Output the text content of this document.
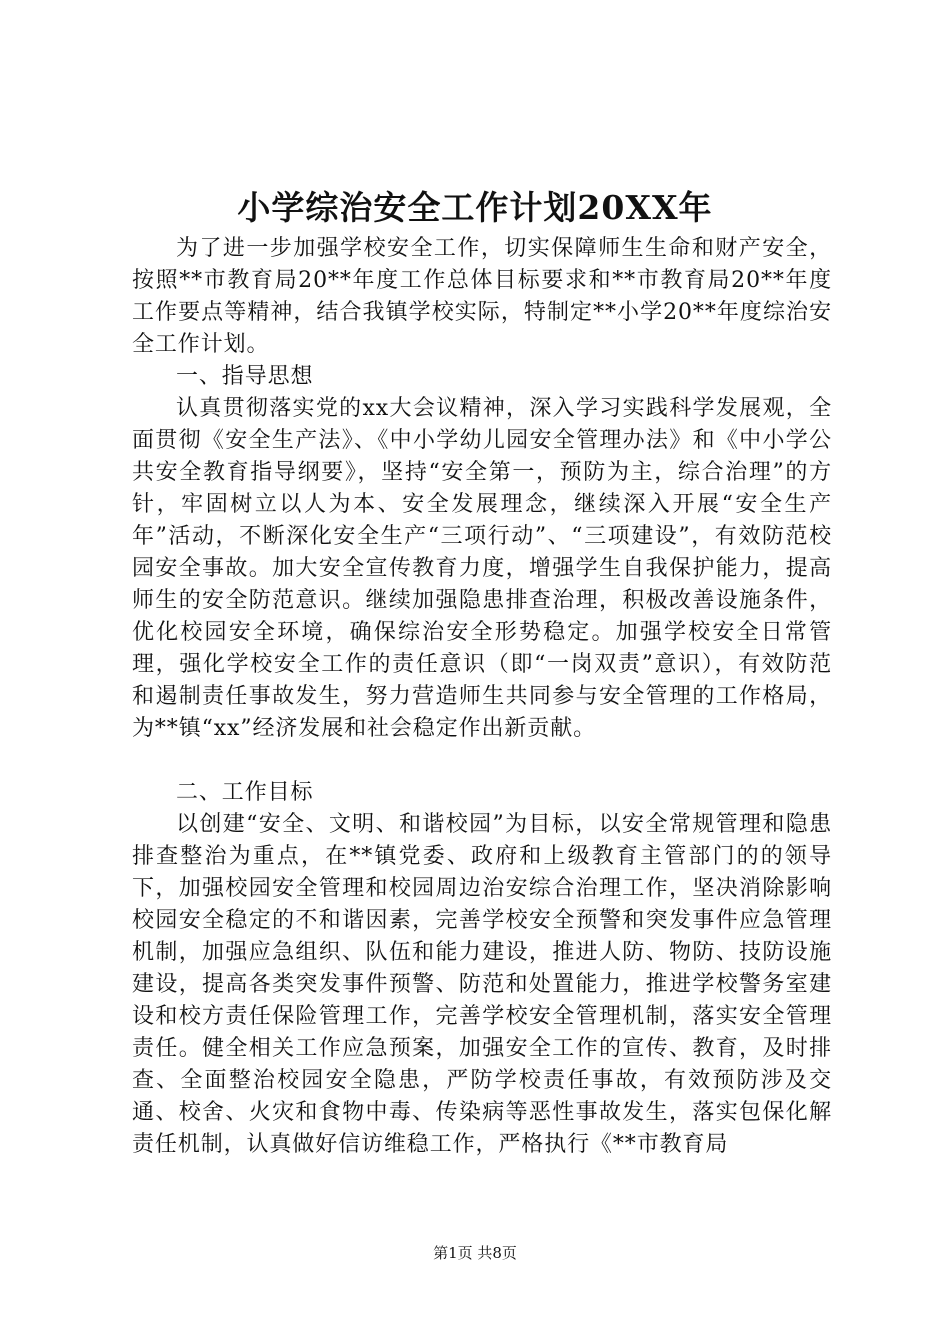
小学综治安全工作计划20XX年

为了进一步加强学校安全工作，切实保障师生生命和财产安全，按照**市教育局20**年度工作总体目标要求和**市教育局20**年度工作要点等精神，结合我镇学校实际，特制定**小学20**年度综治安全工作计划。

一、指导思想

认真贯彻落实党的xx大会议精神，深入学习实践科学发展观，全面贯彻《安全生产法》、《中小学幼儿园安全管理办法》和《中小学公共安全教育指导纲要》，坚持“安全第一，预防为主，综合治理”的方针，牢固树立以人为本、安全发展理念，继续深入开展“安全生产年”活动，不断深化安全生产“三项行动”、“三项建设”，有效防范校园安全事故。加大安全宣传教育力度，增强学生自我保护能力，提高师生的安全防范意识。继续加强隐患排查治理，积极改善设施条件，优化校园安全环境，确保综治安全形势稳定。加强学校安全日常管理，强化学校安全工作的责任意识（即“一岗双责”意识），有效防范和遏制责任事故发生，努力营造师生共同参与安全管理的工作格局，为**镇“xx”经济发展和社会稳定作出新贡献。

二、工作目标

以创建“安全、文明、和谐校园”为目标，以安全常规管理和隐患排查整治为重点，在**镇党委、政府和上级教育主管部门的的领导下，加强校园安全管理和校园周边治安综合治理工作，坚决消除影响校园安全稳定的不和谐因素，完善学校安全预警和突发事件应急管理机制，加强应急组织、队伍和能力建设，推进人防、物防、技防设施建设，提高各类突发事件预警、防范和处置能力，推进学校警务室建设和校方责任保险管理工作，完善学校安全管理机制，落实安全管理责任。健全相关工作应急预案，加强安全工作的宣传、教育，及时排查、全面整治校园安全隐患，严防学校责任事故，有效预防涉及交通、校舍、火灾和食物中毒、传染病等恶性事故发生，落实包保化解责任机制，认真做好信访维稳工作，严格执行《**市教育局

第1页 共8页
